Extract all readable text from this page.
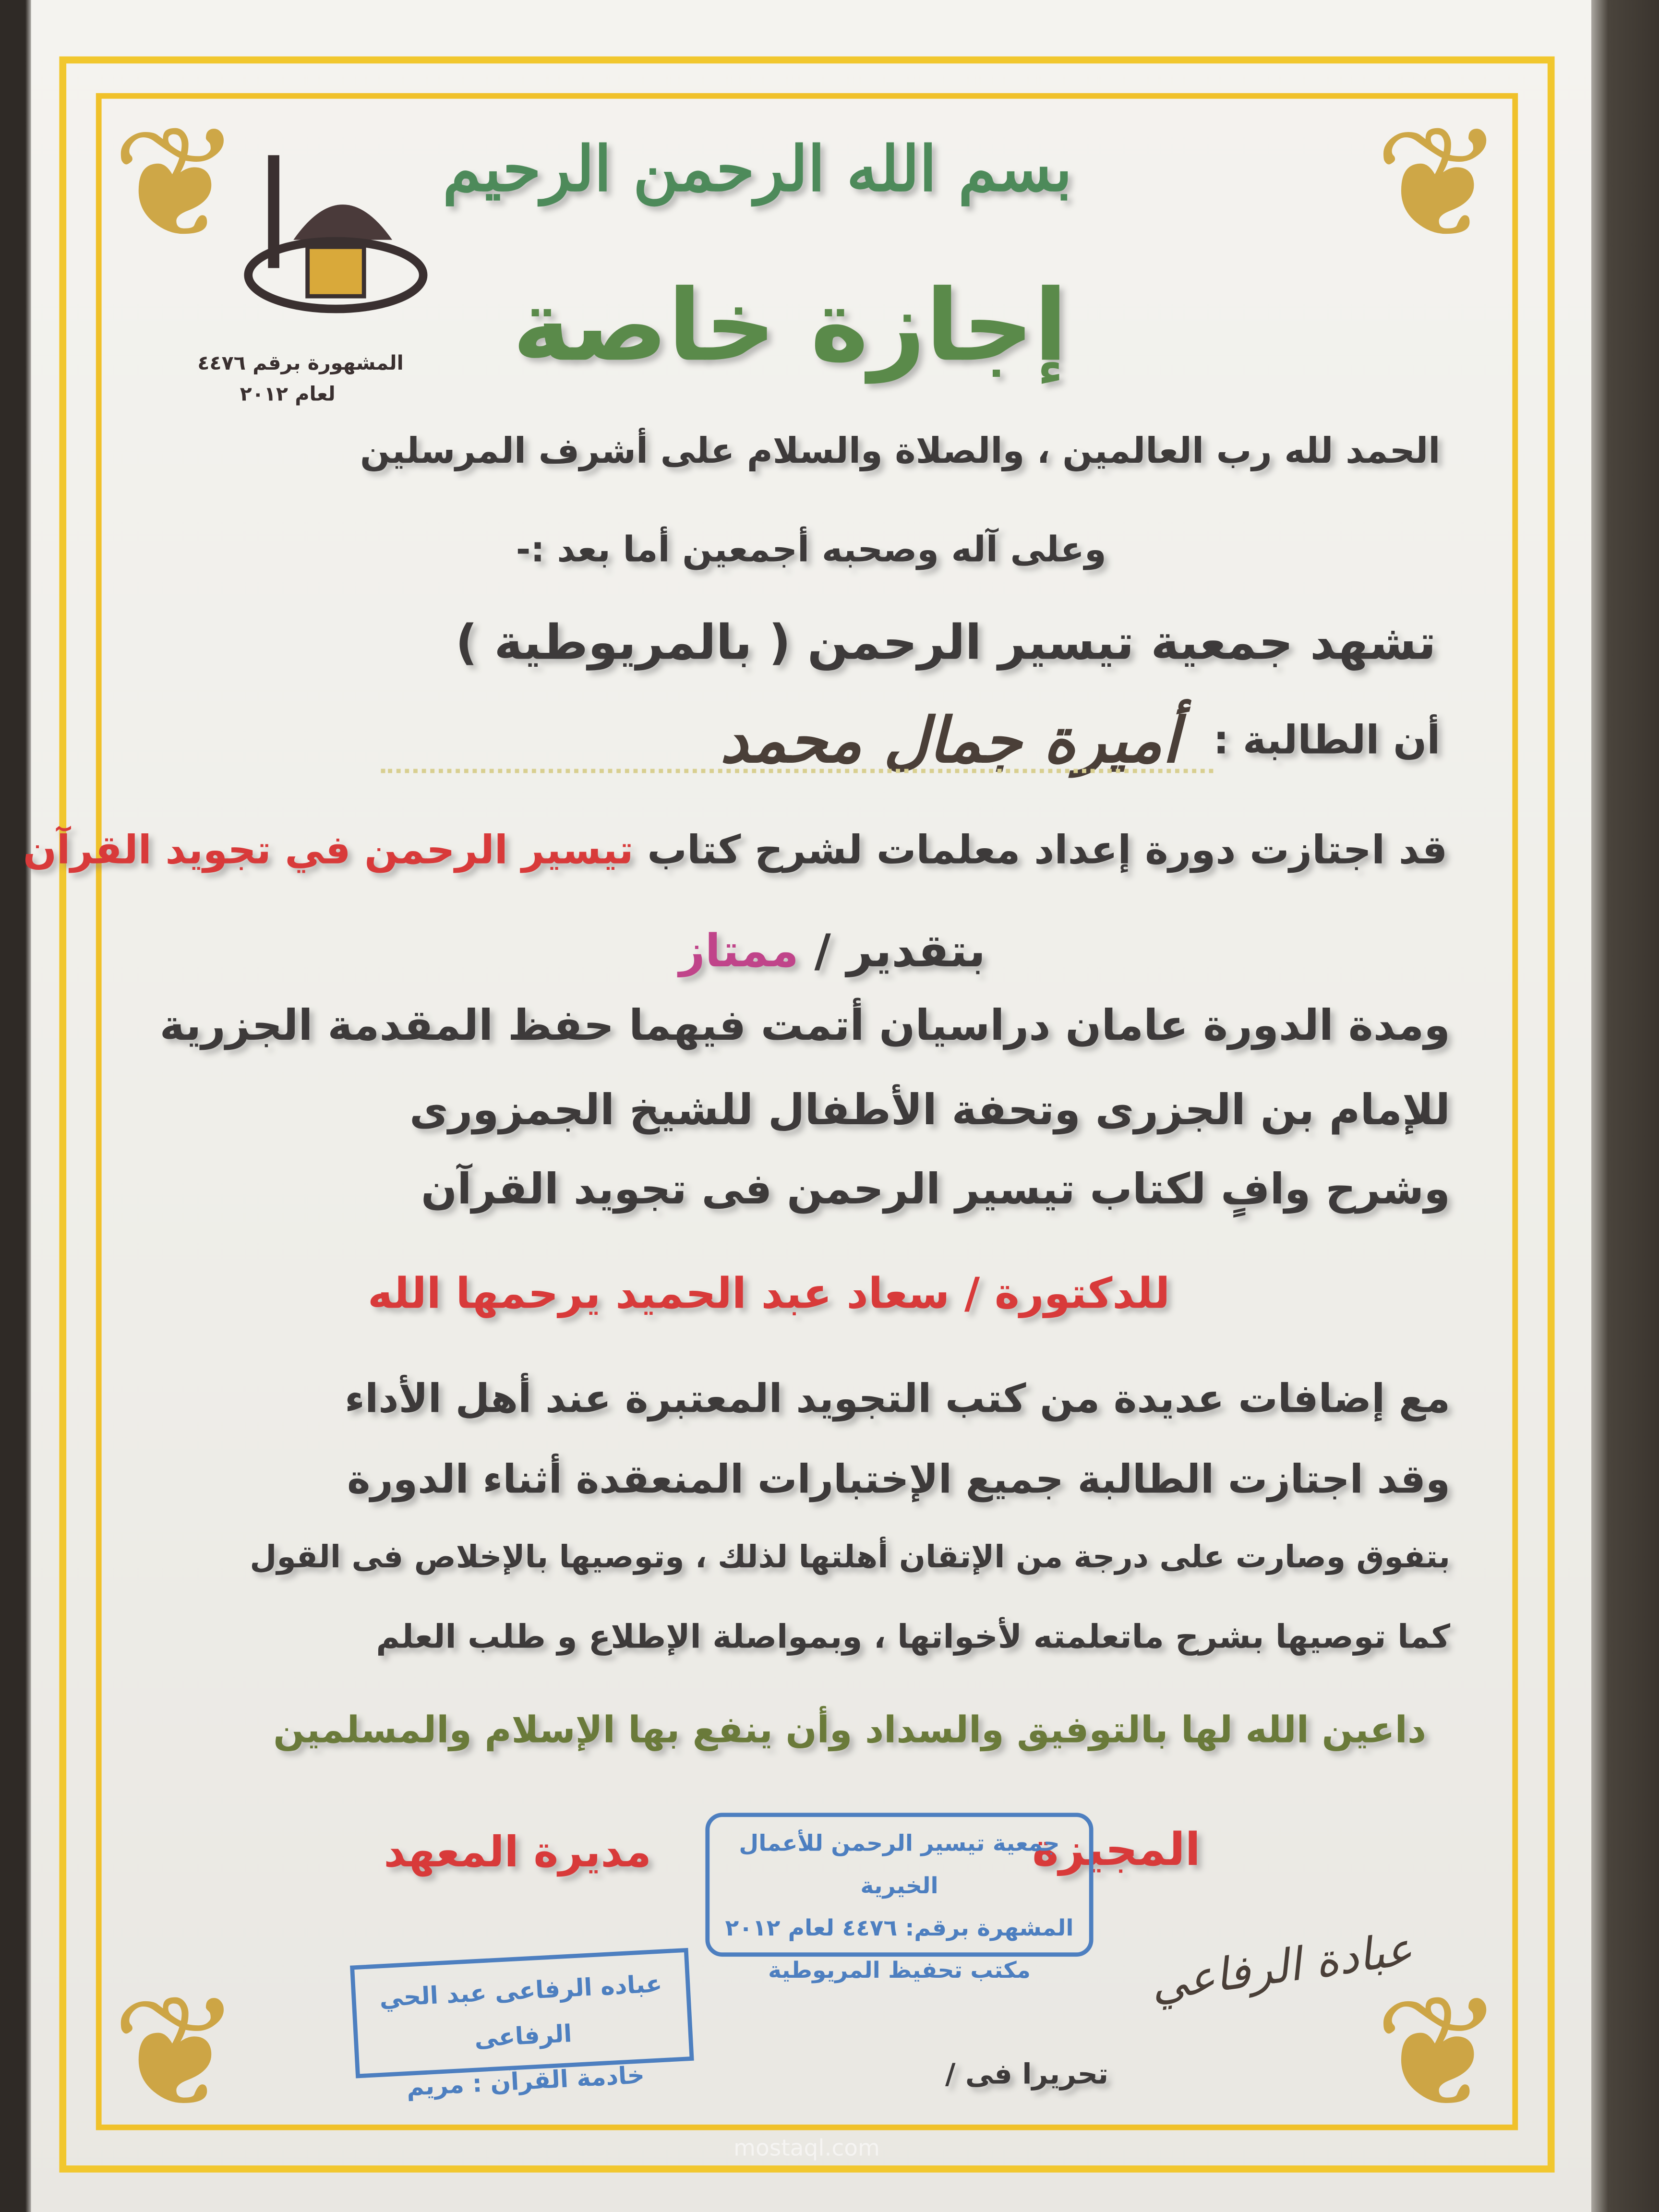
❦	❦
❦	❦
المشهورة برقم ٤٤٧٦
لعام ٢٠١٢
بسم الله الرحمن الرحيم
إجازة خاصة
الحمد لله رب العالمين ، والصلاة والسلام على أشرف المرسلين
وعلى آله وصحبه أجمعين أما بعد :-
تشهد جمعية تيسير الرحمن ( بالمريوطية )
أن الطالبة :
أميرة جمال محمد
قد اجتازت دورة إعداد معلمات لشرح كتاب تيسير الرحمن في تجويد القرآن
بتقدير / ممتاز
ومدة الدورة عامان دراسيان أتمت فيهما حفظ المقدمة الجزرية
للإمام بن الجزرى وتحفة الأطفال للشيخ الجمزورى
وشرح وافٍ لكتاب تيسير الرحمن فى تجويد القرآن
للدكتورة / سعاد عبد الحميد يرحمها الله
مع إضافات عديدة من كتب التجويد المعتبرة عند أهل الأداء
وقد اجتازت الطالبة جميع الإختبارات المنعقدة أثناء الدورة
بتفوق وصارت على درجة من الإتقان أهلتها لذلك ، وتوصيها بالإخلاص فى القول
كما توصيها بشرح ماتعلمته لأخواتها ، وبمواصلة الإطلاع و طلب العلم
داعين الله لها بالتوفيق والسداد وأن ينفع بها الإسلام والمسلمين
المجيزة
مديرة المعهد	جمعية تيسير الرحمن للأعمال الخيرية
المشهرة برقم: ٤٤٧٦ لعام ٢٠١٢
مكتب تحفيظ المريوطية
عباده الرفاعى عبد الحي الرفاعى
خادمة القرآن : مريم
عبادة الرفاعي
تحريرا فى /
mostaql.com
